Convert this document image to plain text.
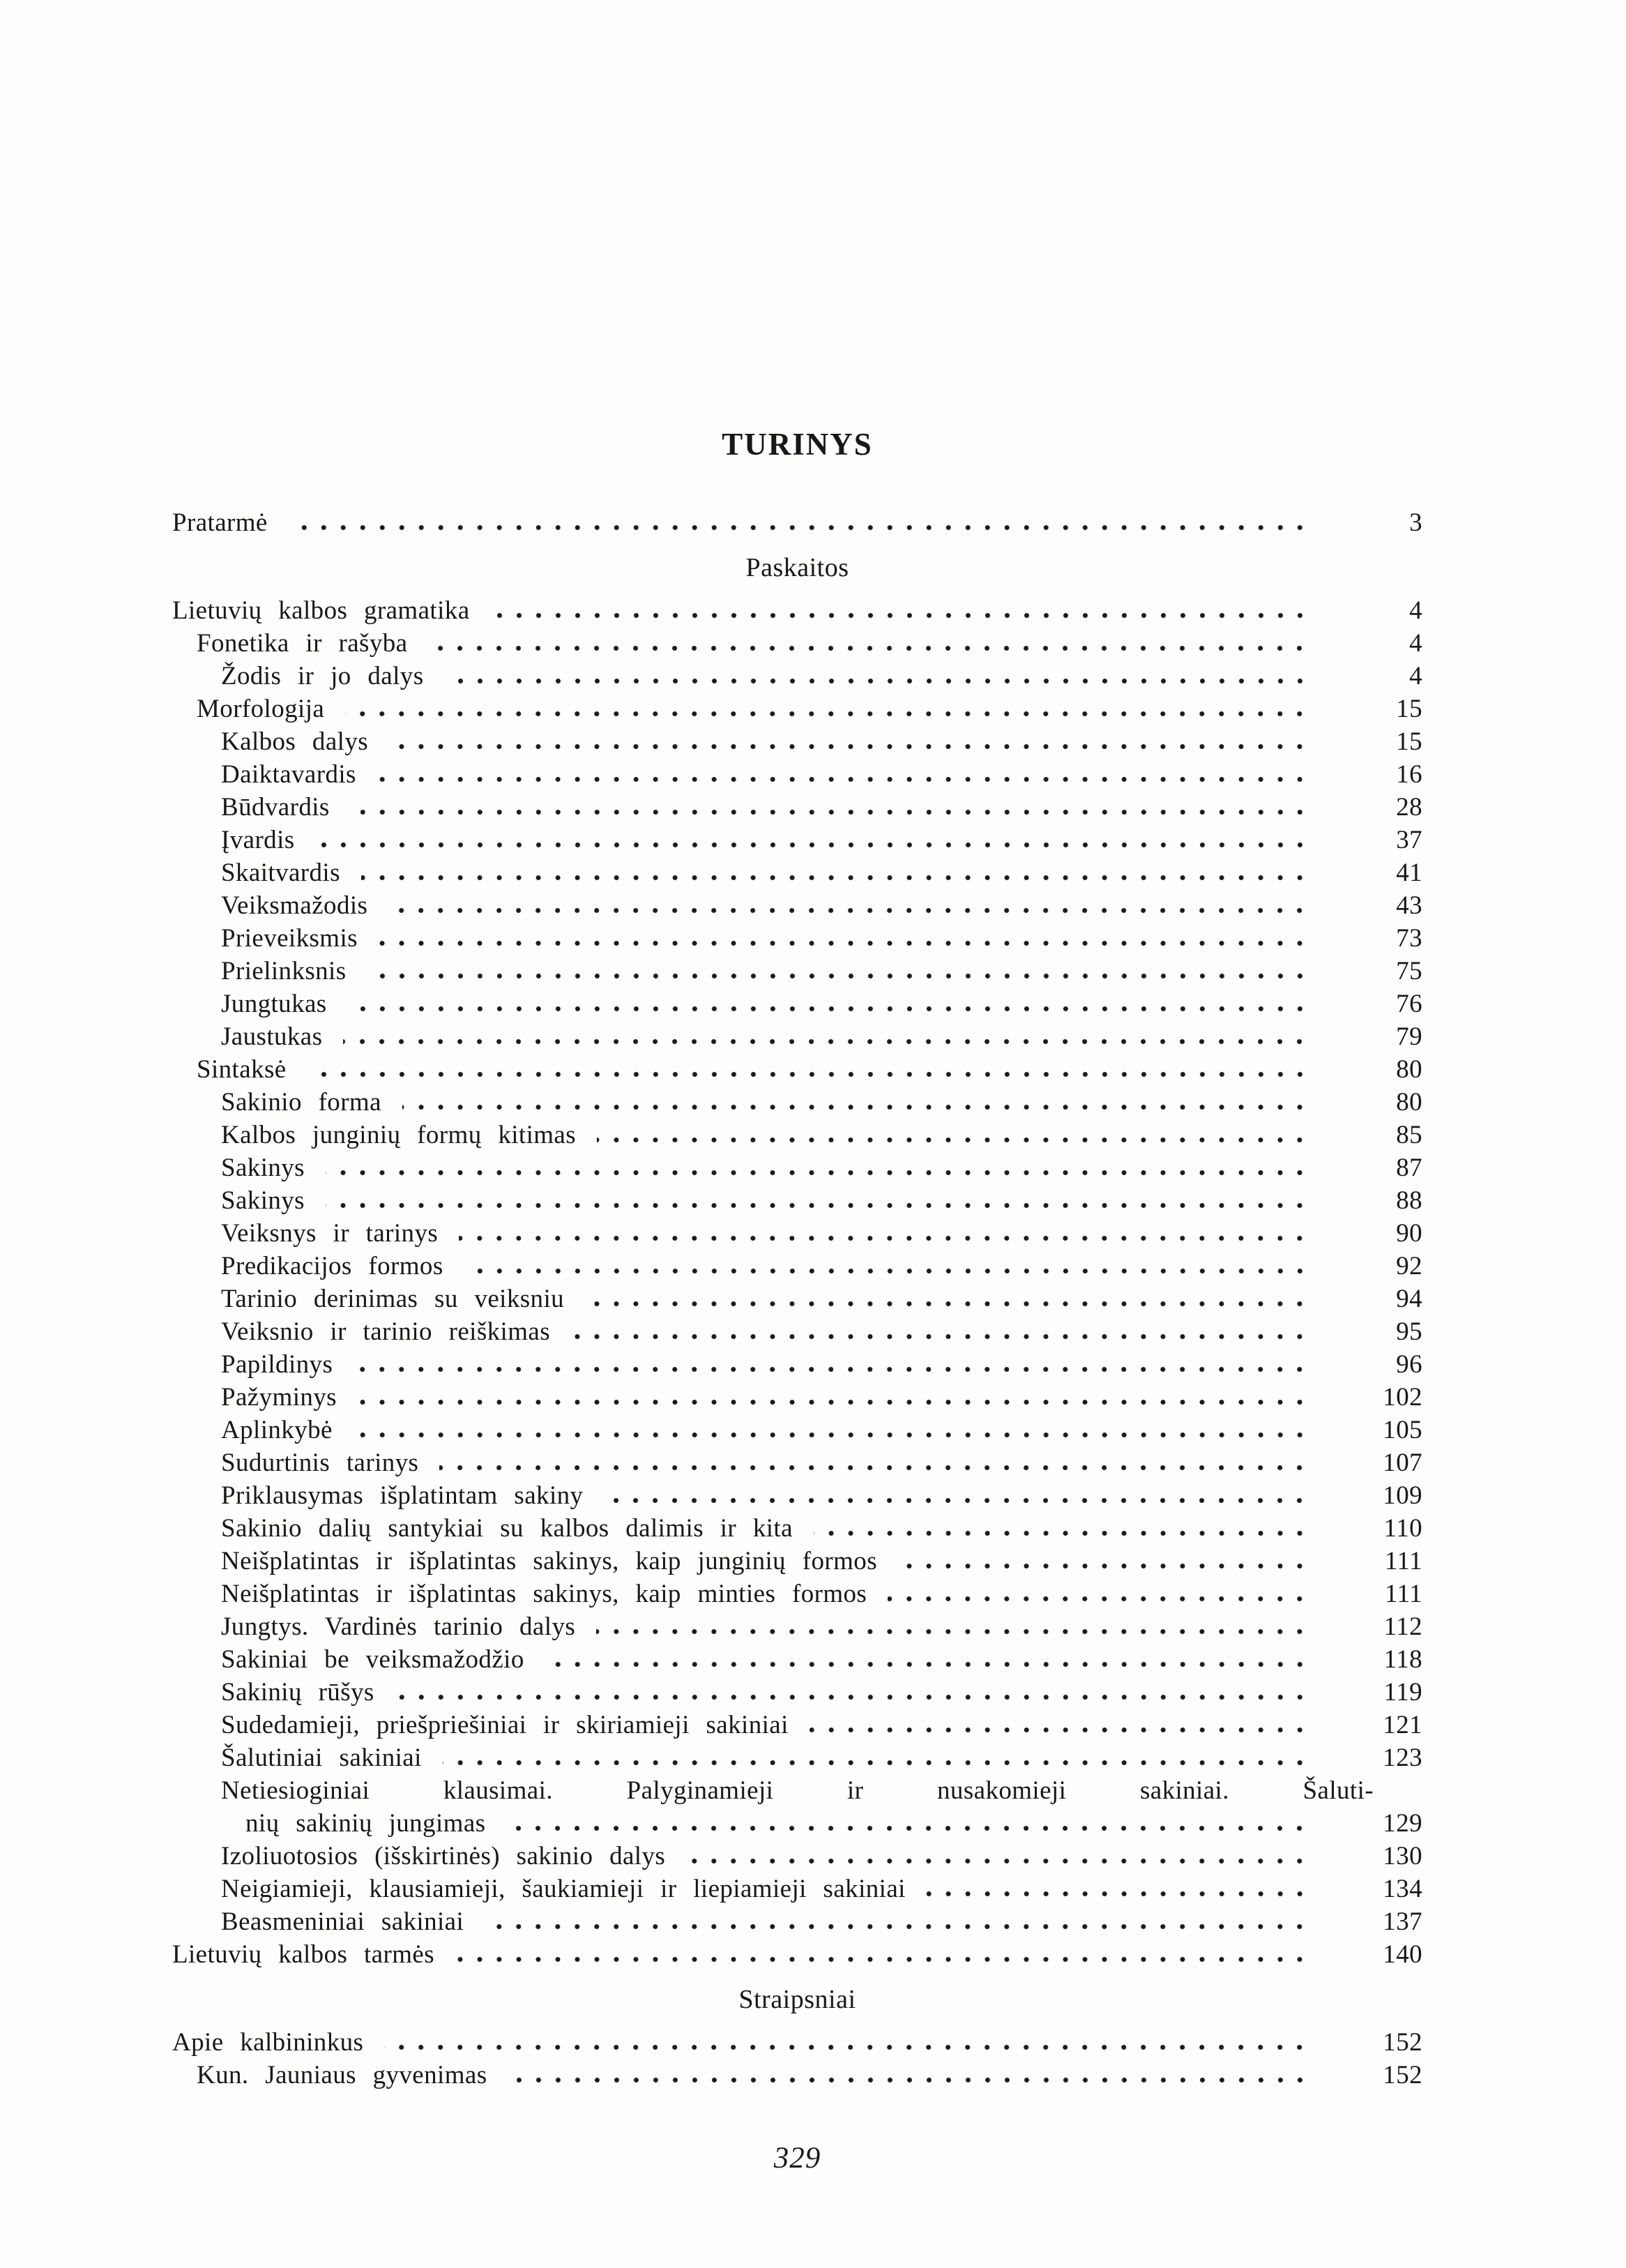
TURINYS
Pratarmė	3
Paskaitos
Lietuvių kalbos gramatika	4
Fonetika ir rašyba	4
Žodis ir jo dalys	4
Morfologija	15
Kalbos dalys	15
Daiktavardis	16
Būdvardis	28
Įvardis	37
Skaitvardis	41
Veiksmažodis	43
Prieveiksmis	73
Prielinksnis	75
Jungtukas	76
Jaustukas	79
Sintaksė	80
Sakinio forma	80
Kalbos junginių formų kitimas	85
Sakinys	87
Sakinys	88
Veiksnys ir tarinys	90
Predikacijos formos	92
Tarinio derinimas su veiksniu	94
Veiksnio ir tarinio reiškimas	95
Papildinys	96
Pažyminys	102
Aplinkybė	105
Sudurtinis tarinys	107
Priklausymas išplatintam sakiny	109
Sakinio dalių santykiai su kalbos dalimis ir kita	110
Neišplatintas ir išplatintas sakinys, kaip junginių formos	111
Neišplatintas ir išplatintas sakinys, kaip minties formos	111
Jungtys. Vardinės tarinio dalys	112
Sakiniai be veiksmažodžio	118
Sakinių rūšys	119
Sudedamieji, priešpriešiniai ir skiriamieji sakiniai	121
Šalutiniai sakiniai	123
Netiesioginiai klausimai. Palyginamieji ir nusakomieji sakiniai. Šaluti-
nių sakinių jungimas	129
Izoliuotosios (išskirtinės) sakinio dalys	130
Neigiamieji, klausiamieji, šaukiamieji ir liepiamieji sakiniai	134
Beasmeniniai sakiniai	137
Lietuvių kalbos tarmės	140
Straipsniai
Apie kalbininkus	152
Kun. Jauniaus gyvenimas	152
329
